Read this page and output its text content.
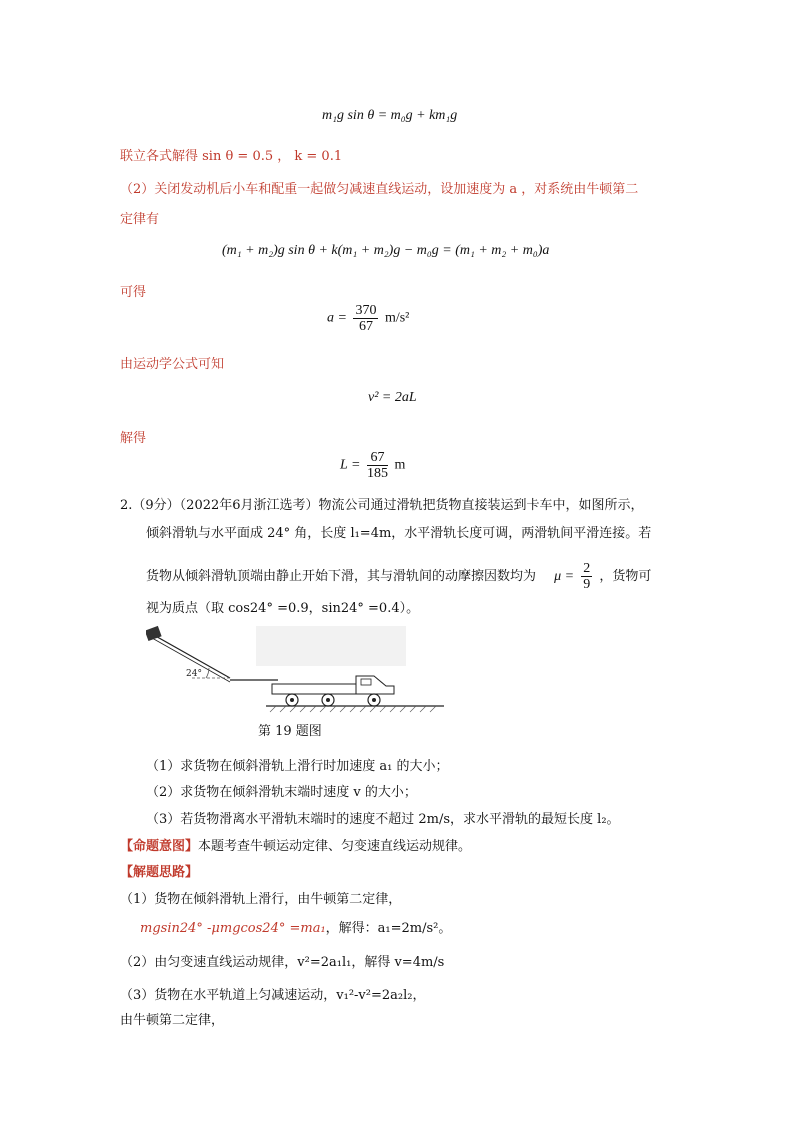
m₁g sin θ = m₀g + km₁g
联立各式解得 sin θ = 0.5 ， k = 0.1
（2）关闭发动机后小车和配重一起做匀减速直线运动，设加速度为 a ，对系统由牛顿第二
定律有
(m₁ + m₂)g sin θ + k(m₁ + m₂)g − m₀g = (m₁ + m₂ + m₀)a
可得
$a = \frac{370}{67} m/s^2$
由运动学公式可知
v² = 2aL
解得
$L = \frac{67}{185}$ m
2.（9分）（2022年6月浙江选考）物流公司通过滑轨把货物直接装运到卡车中，如图所示，
倾斜滑轨与水平面成 24° 角，长度 l₁=4m，水平滑轨长度可调，两滑轨间平滑连接。若
货物从倾斜滑轨顶端由静止开始下滑，其与滑轨间的动摩擦因数均为 $\mu = \frac{2}{9}$ ，货物可
视为质点（取 cos24° =0.9，sin24° =0.4）。
24°
第 19 题图
（1）求货物在倾斜滑轨上滑行时加速度 a₁ 的大小；
（2）求货物在倾斜滑轨末端时速度 v 的大小；
（3）若货物滑离水平滑轨末端时的速度不超过 2m/s，求水平滑轨的最短长度 l₂。
【命题意图】本题考查牛顿运动定律、匀变速直线运动规律。
【解题思路】
（1）货物在倾斜滑轨上滑行，由牛顿第二定律，
mgsin24° -μmgcos24° =ma₁，解得：a₁=2m/s²。
（2）由匀变速直线运动规律，v²=2a₁l₁，解得 v=4m/s
（3）货物在水平轨道上匀减速运动，v₁²-v²=2a₂l₂，
由牛顿第二定律，
